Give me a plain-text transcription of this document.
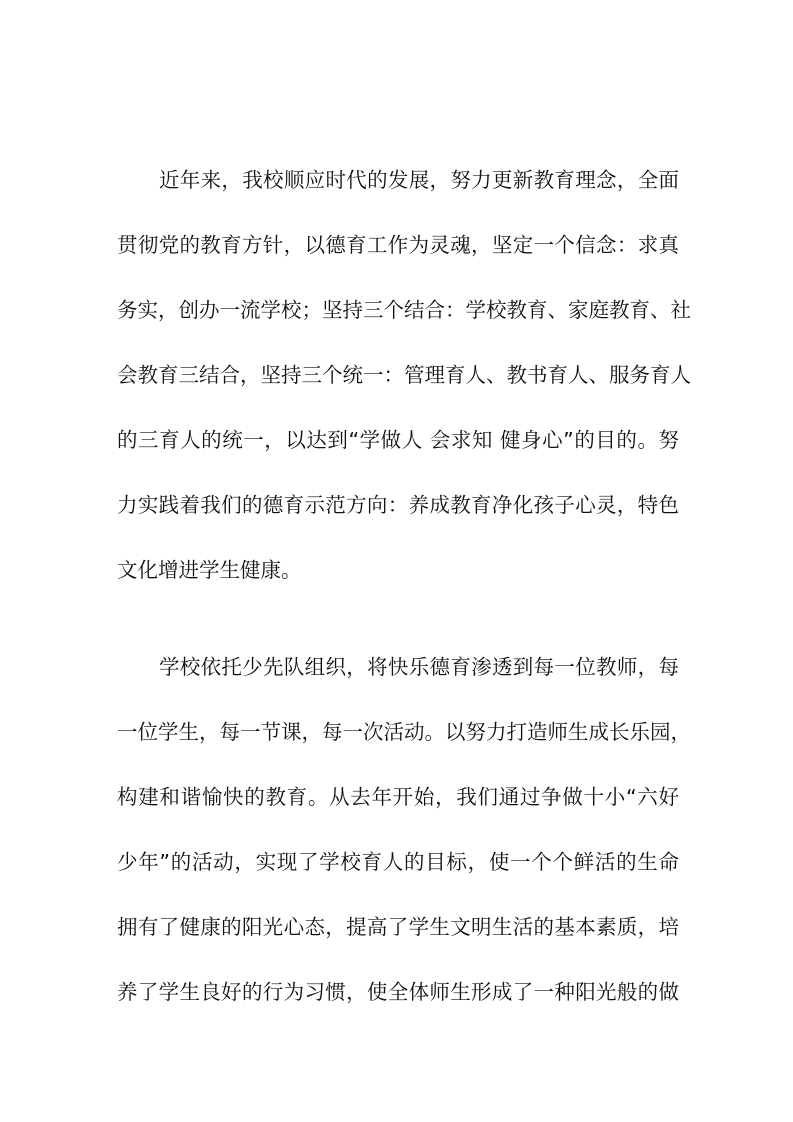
近年来，我校顺应时代的发展，努力更新教育理念，全面
贯彻党的教育方针，以德育工作为灵魂，坚定一个信念：求真
务实，创办一流学校；坚持三个结合：学校教育、家庭教育、社
会教育三结合，坚持三个统一：管理育人、教书育人、服务育人
的三育人的统一，以达到“学做人 会求知 健身心”的目的。努
力实践着我们的德育示范方向：养成教育净化孩子心灵，特色
文化增进学生健康。
学校依托少先队组织，将快乐德育渗透到每一位教师，每
一位学生，每一节课，每一次活动。以努力打造师生成长乐园，
构建和谐愉快的教育。从去年开始，我们通过争做十小“六好
少年”的活动，实现了学校育人的目标，使一个个鲜活的生命
拥有了健康的阳光心态，提高了学生文明生活的基本素质，培
养了学生良好的行为习惯，使全体师生形成了一种阳光般的做
